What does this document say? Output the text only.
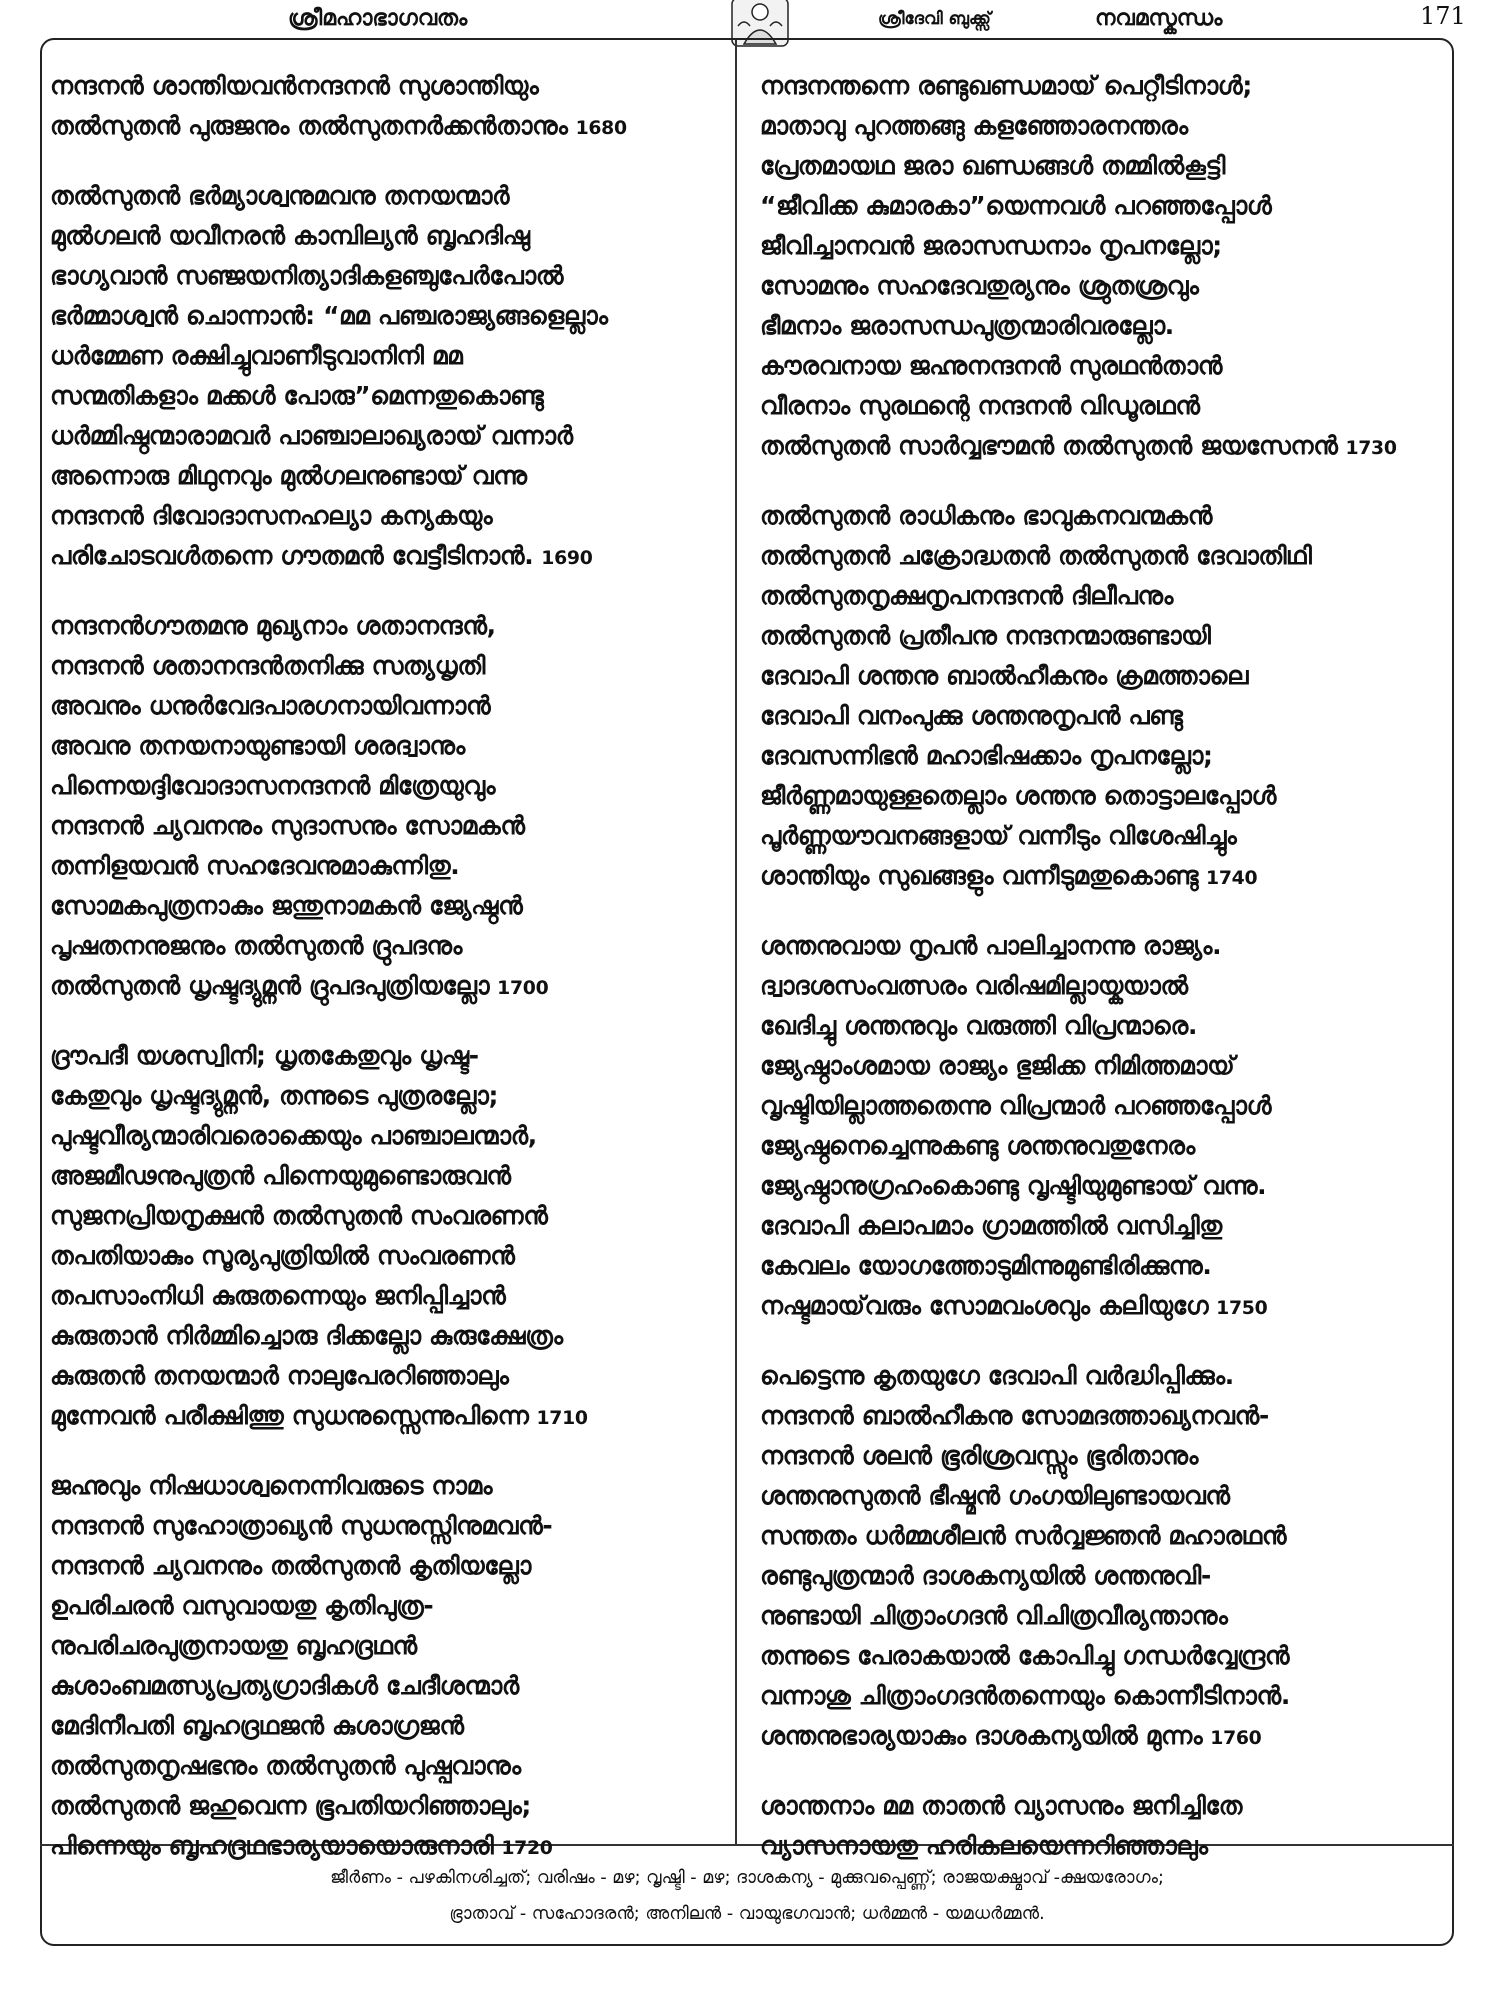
ശ്രീമഹാഭാഗവതം	ശ്രീദേവി ബുക്ക്സ്	നവമസ്കന്ധം	171
നന്ദനൻ ശാന്തിയവൻനന്ദനൻ സുശാന്തിയും
തൽസുതൻ പുരുജനും തൽസുതനർക്കൻതാനും 1680
തൽസുതൻ ഭർമ്യാശ്വനുമവനു തനയന്മാർ
മുൽഗലൻ യവീനരൻ കാമ്പില്യൻ ബൃഹദിഷു
ഭാഗ്യവാൻ സഞ്ജയനിത്യാദികളഞ്ചുപേർപോൽ
ഭർമ്മാശ്വൻ ചൊന്നാൻ: “മമ പഞ്ചരാജ്യങ്ങളെല്ലാം
ധർമ്മേണ രക്ഷിച്ചുവാണീടുവാനിനി മമ
സന്മതികളാം മക്കൾ പോരു”മെന്നതുകൊണ്ടു
ധർമ്മിഷ്ഠന്മാരാമവർ പാഞ്ചാലാഖ്യരായ് വന്നാർ
അന്നൊരു മിഥുനവും മുൽഗലനുണ്ടായ് വന്നു
നന്ദനൻ ദിവോദാസനഹല്യാ കന്യകയും
പരിചോടവൾതന്നെ ഗൗതമൻ വേട്ടീടിനാൻ. 1690
നന്ദനൻഗൗതമനു മുഖ്യനാം ശതാനന്ദൻ,
നന്ദനൻ ശതാനന്ദൻതനിക്കു സത്യധൃതി
അവനും ധനുർവേദപാരഗനായിവന്നാൻ
അവനു തനയനായുണ്ടായി ശരദ്വാനും
പിന്നെയദ്ദിവോദാസനന്ദനൻ മിത്രേയുവും
നന്ദനൻ ച്യവനനും സുദാസനും സോമകൻ
തന്നിളയവൻ സഹദേവനുമാകുന്നിതു.
സോമകപുത്രനാകും ജന്തുനാമകൻ ജ്യേഷ്ഠൻ
പൃഷതനനുജനും തൽസുതൻ ദ്രുപദനും
തൽസുതൻ ധൃഷ്ടദ്യുമ്നൻ ദ്രുപദപുത്രിയല്ലോ 1700
ദ്രൗപദീ യശസ്വിനി; ധൃതകേതുവും ധൃഷ്ട-
കേതുവും ധൃഷ്ടദ്യുമ്നൻ, തന്നുടെ പുത്രരല്ലോ;
പുഷ്ടവീര്യന്മാരിവരൊക്കെയും പാഞ്ചാലന്മാർ,
അജമീഢനുപുത്രൻ പിന്നെയുമുണ്ടൊരുവൻ
സുജനപ്രിയനൃക്ഷൻ തൽസുതൻ സംവരണൻ
തപതിയാകും സൂര്യപുത്രിയിൽ സംവരണൻ
തപസാംനിധി കുരുതന്നെയും ജനിപ്പിച്ചാൻ
കുരുതാൻ നിർമ്മിച്ചൊരു ദിക്കല്ലോ കുരുക്ഷേത്രം
കുരുതൻ തനയന്മാർ നാലുപേരറിഞ്ഞാലും
മുന്നേവൻ പരീക്ഷിത്തു സുധനുസ്സെന്നുപിന്നെ 1710
ജഹ്നുവും നിഷധാശ്വനെന്നിവരുടെ നാമം
നന്ദനൻ സുഹോത്രാഖ്യൻ സുധനുസ്സിനുമവൻ-
നന്ദനൻ ച്യവനനും തൽസുതൻ കൃതിയല്ലോ
ഉപരിചരൻ വസുവായതു കൃതിപുത്ര-
നുപരിചരപുത്രനായതു ബൃഹദ്രഥൻ
കുശാംബമത്സ്യപ്രത്യഗ്രാദികൾ ചേദീശന്മാർ
മേദിനീപതി ബൃഹദ്രഥജൻ കുശാഗ്രജൻ
തൽസുതനൃഷഭനും തൽസുതൻ പുഷ്പവാനും
തൽസുതൻ ജഹുവെന്ന ഭൂപതിയറിഞ്ഞാലും;
പിന്നെയും ബൃഹദ്രഥഭാര്യയായൊരുനാരി 1720
നന്ദനന്തന്നെ രണ്ടുഖണ്ഡമായ് പെറ്റീടിനാൾ;
മാതാവു പുറത്തങ്ങു കളഞ്ഞോരനന്തരം
പ്രേതമായഥ ജരാ ഖണ്ഡങ്ങൾ തമ്മിൽകൂട്ടി
“ജീവിക്ക കുമാരകാ”യെന്നവൾ പറഞ്ഞപ്പോൾ
ജീവിച്ചാനവൻ ജരാസന്ധനാം നൃപനല്ലോ;
സോമനും സഹദേവതുര്യനും ശ്രുതശ്രവും
ഭീമനാം ജരാസന്ധപുത്രന്മാരിവരല്ലോ.
കൗരവനായ ജഹ്നുനന്ദനൻ സുരഥൻതാൻ
വീരനാം സുരഥന്റെ നന്ദനൻ വിഡൂരഥൻ
തൽസുതൻ സാർവ്വഭൗമൻ തൽസുതൻ ജയസേനൻ 1730
തൽസുതൻ രാധികനും ഭാവുകനവന്മകൻ
തൽസുതൻ ചക്രോദ്ധതൻ തൽസുതൻ ദേവാതിഥി
തൽസുതനൃക്ഷനൃപനന്ദനൻ ദിലീപനും
തൽസുതൻ പ്രതീപനു നന്ദനന്മാരുണ്ടായി
ദേവാപി ശന്തനു ബാൽഹീകനും ക്രമത്താലെ
ദേവാപി വനംപുക്കു ശന്തനുനൃപൻ പണ്ടു
ദേവസന്നിഭൻ മഹാഭിഷക്കാം നൃപനല്ലോ;
ജീർണ്ണമായുള്ളതെല്ലാം ശന്തനു തൊട്ടാലപ്പോൾ
പൂർണ്ണയൗവനങ്ങളായ് വന്നീടും വിശേഷിച്ചും
ശാന്തിയും സുഖങ്ങളും വന്നീടുമതുകൊണ്ടു 1740
ശന്തനുവായ നൃപൻ പാലിച്ചാനന്നു രാജ്യം.
ദ്വാദശസംവത്സരം വരിഷമില്ലായ്കയാൽ
ഖേദിച്ചു ശന്തനുവും വരുത്തി വിപ്രന്മാരെ.
ജ്യേഷ്ഠാംശമായ രാജ്യം ഭുജിക്ക നിമിത്തമായ്
വൃഷ്ടിയില്ലാത്തതെന്നു വിപ്രന്മാർ പറഞ്ഞപ്പോൾ
ജ്യേഷ്ഠനെച്ചെന്നുകണ്ടു ശന്തനുവതുനേരം
ജ്യേഷ്ഠാനുഗ്രഹംകൊണ്ടു വൃഷ്ടിയുമുണ്ടായ് വന്നു.
ദേവാപി കലാപമാം ഗ്രാമത്തിൽ വസിച്ചിതു
കേവലം യോഗത്തോടുമിന്നുമുണ്ടിരിക്കുന്നു.
നഷ്ടമായ്‌വരും സോമവംശവും കലിയുഗേ 1750
പെട്ടെന്നു കൃതയുഗേ ദേവാപി വർദ്ധിപ്പിക്കും.
നന്ദനൻ ബാൽഹീകനു സോമദത്താഖ്യനവൻ-
നന്ദനൻ ശലൻ ഭൂരിശ്രവസ്സും ഭൂരിതാനും
ശന്തനുസുതൻ ഭീഷ്മൻ ഗംഗയിലുണ്ടായവൻ
സന്തതം ധർമ്മശീലൻ സർവ്വജ്ഞൻ മഹാരഥൻ
രണ്ടുപുത്രന്മാർ ദാശകന്യയിൽ ശന്തനുവി-
നുണ്ടായി ചിത്രാംഗദൻ വിചിത്രവീര്യന്താനും
തന്നുടെ പേരാകയാൽ കോപിച്ചു ഗന്ധർവ്വേന്ദ്രൻ
വന്നാശു ചിത്രാംഗദൻതന്നെയും കൊന്നീടിനാൻ.
ശന്തനുഭാര്യയാകും ദാശകന്യയിൽ മുന്നം 1760
ശാന്തനാം മമ താതൻ വ്യാസനും ജനിച്ചിതേ
വ്യാസനായതു ഹരികലയെന്നറിഞ്ഞാലും
ജീർണം - പഴകിനശിച്ചത്; വരിഷം - മഴ; വൃഷ്ടി - മഴ; ദാശകന്യ - മുക്കുവപ്പെണ്ണ്; രാജയക്ഷ്മാവ് -ക്ഷയരോഗം;
ഭ്രാതാവ് - സഹോദരൻ; അനിലൻ - വായുഭഗവാൻ; ധർമ്മൻ - യമധർമ്മൻ.
